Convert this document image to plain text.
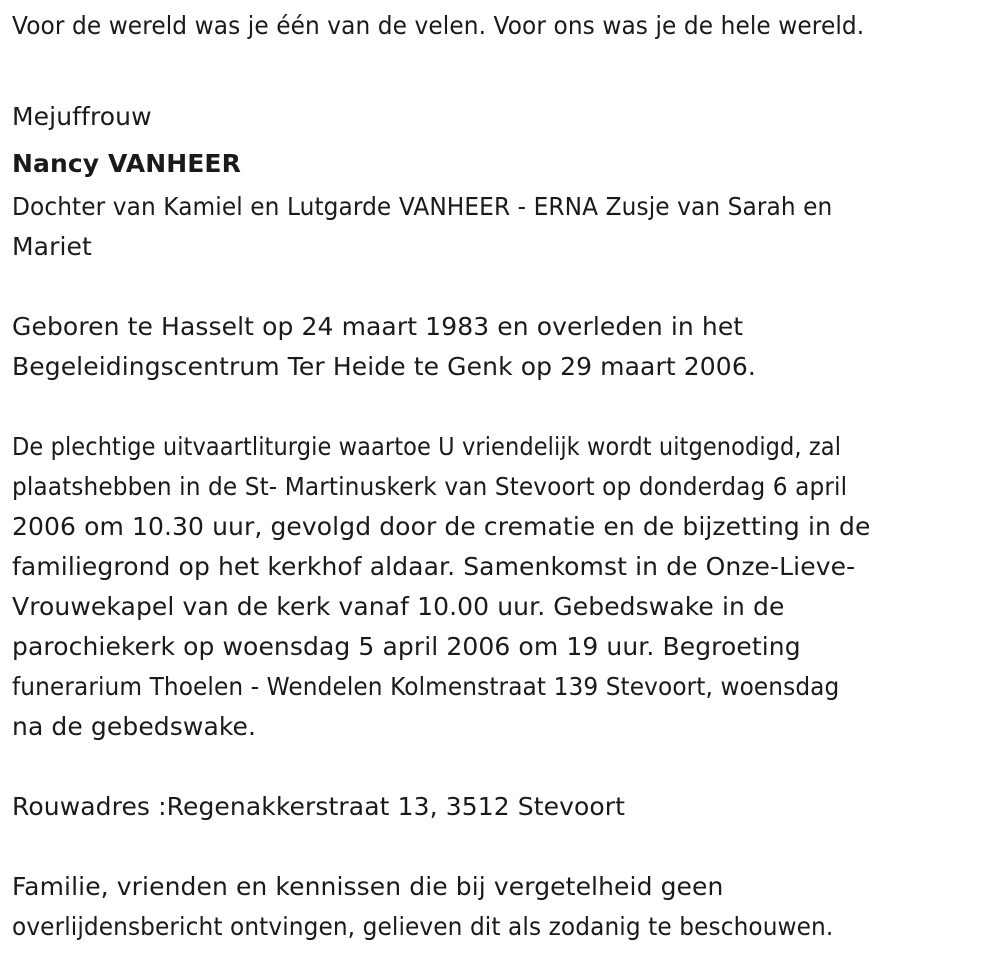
Voor de wereld was je één van de velen. Voor ons was je de hele wereld.

Mejuffrouw

Nancy VANHEER

Dochter van Kamiel en Lutgarde VANHEER - ERNA Zusje van Sarah en

Mariet

Geboren te Hasselt op 24 maart 1983 en overleden in het

Begeleidingscentrum Ter Heide te Genk op 29 maart 2006.

De plechtige uitvaartliturgie waartoe U vriendelijk wordt uitgenodigd, zal

plaatshebben in de St- Martinuskerk van Stevoort op donderdag 6 april

2006 om 10.30 uur, gevolgd door de crematie en de bijzetting in de

familiegrond op het kerkhof aldaar. Samenkomst in de Onze-Lieve-

Vrouwekapel van de kerk vanaf 10.00 uur. Gebedswake in de

parochiekerk op woensdag 5 april 2006 om 19 uur. Begroeting

funerarium Thoelen - Wendelen Kolmenstraat 139 Stevoort, woensdag

na de gebedswake.

Rouwadres :Regenakkerstraat 13, 3512 Stevoort

Familie, vrienden en kennissen die bij vergetelheid geen

overlijdensbericht ontvingen, gelieven dit als zodanig te beschouwen.
